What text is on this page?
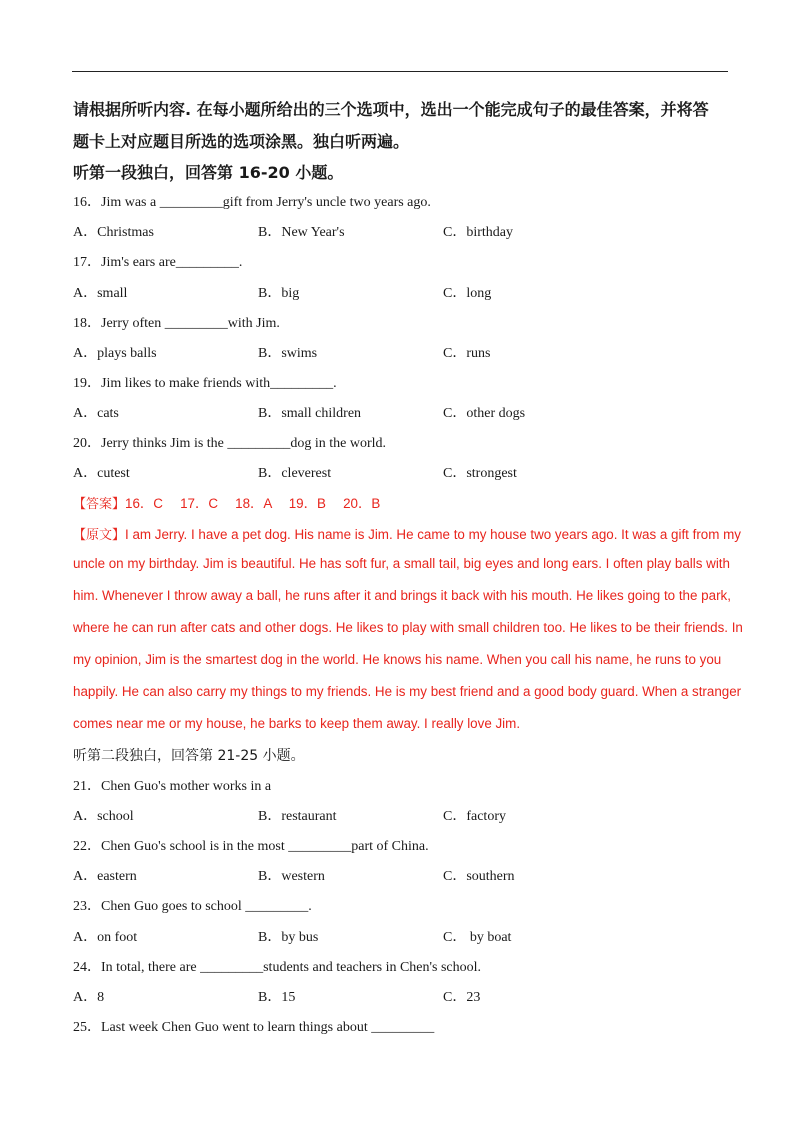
请根据所听内容. 在每小题所给出的三个选项中，选出一个能完成句子的最佳答案，并将答
题卡上对应题目所选的选项涂黑。独白听两遍。
听第一段独白，回答第 16-20 小题。
16．Jim was a _________gift from Jerry's uncle two years ago.
A．Christmas	B．New Year's	C．birthday
17．Jim's ears are_________.
A．small	B．big	C．long
18．Jerry often _________with Jim.
A．plays balls	B．swims	C．runs
19．Jim likes to make friends with_________.
A．cats	B．small children	C．other dogs
20．Jerry thinks Jim is the _________dog in the world.
A．cutest	B．cleverest	C．strongest
【答案】16．C　 17．C　 18．A　 19．B　 20．B
【原文】I am Jerry. I have a pet dog. His name is Jim. He came to my house two years ago. It was a gift from my
uncle on my birthday. Jim is beautiful. He has soft fur, a small tail, big eyes and long ears. I often play balls with
him. Whenever I throw away a ball, he runs after it and brings it back with his mouth. He likes going to the park,
where he can run after cats and other dogs. He likes to play with small children too. He likes to be their friends. In
my opinion, Jim is the smartest dog in the world. He knows his name. When you call his name, he runs to you
happily. He can also carry my things to my friends. He is my best friend and a good body guard. When a stranger
comes near me or my house, he barks to keep them away. I really love Jim.
听第二段独白，回答第 21-25 小题。
21．Chen Guo's mother works in a
A．school	B．restaurant	C．factory
22．Chen Guo's school is in the most _________part of China.
A．eastern	B．western	C．southern
23．Chen Guo goes to school _________.
A．on foot	B．by bus	C． by boat
24．In total, there are _________students and teachers in Chen's school.
A．8	B．15	C．23
25．Last week Chen Guo went to learn things about _________
